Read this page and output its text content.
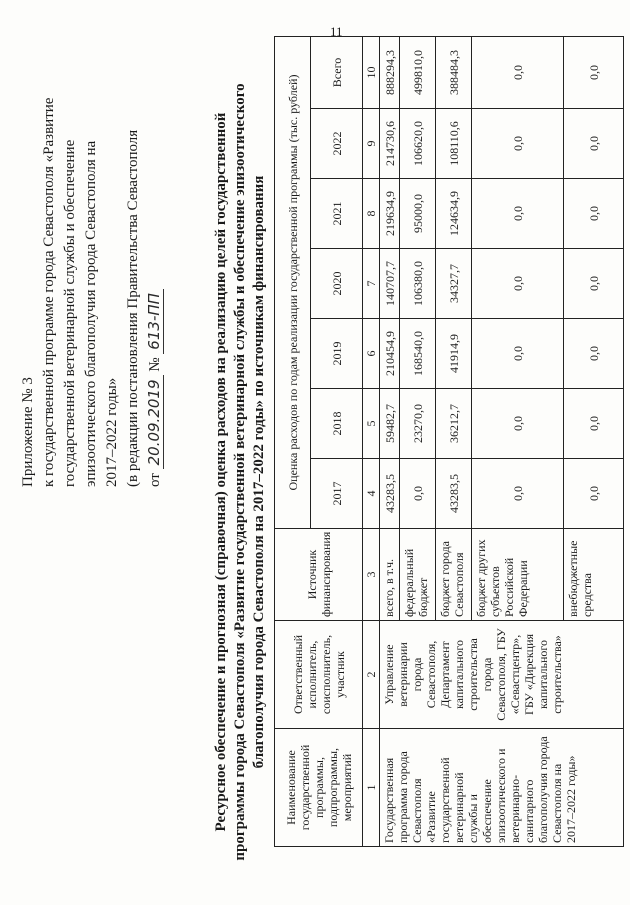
11
Приложение № 3 к государственной программе города Севастополя «Развитие государственной ветеринарной службы и обеспечение эпизоотического благополучия города Севастополя на 2017–2022 годы» (в редакции постановления Правительства Севастополя от 20.09.2019 № 613-ПП	Ресурсное обеспечение и прогнозная (справочная) оценка расходов на реализацию целей государственной программы города Севастополя «Развитие государственной ветеринарной службы и обеспечение эпизоотического благополучия города Севастополя на 2017–2022 годы» по источникам финансирования
Наименование государственной программы, подпрограммы, мероприятий	Ответственный исполнитель, соисполнитель, участник	Источник финансирования	Оценка расходов по годам реализации государственной программы (тыс. рублей)						
			2017	2018	2019	2020	2021	2022	Всего
1	2	3	4	5	6	7	8	9	10
Государственная программа города Севастополя «Развитие государственной ветеринарной службы и обеспечение эпизоотического и ветеринарно-санитарного благополучия города Севастополя на 2017–2022 годы»	Управление ветеринарии города Севастополя, Департамент капитального строительства города Севастополя, ГБУ «Севастцентр», ГБУ «Дирекция капитального строительства»	всего, в т.ч.	43283,5	59482,7	210454,9	140707,7	219634,9	214730,6	888294,3
		федеральный бюджет	0,0	23270,0	168540,0	106380,0	95000,0	106620,0	499810,0
		бюджет города Севастополя	43283,5	36212,7	41914,9	34327,7	124634,9	108110,6	388484,3
		бюджет других субъектов Российской Федерации	0,0	0,0	0,0	0,0	0,0	0,0	0,0
		внебюджетные средства	0,0	0,0	0,0	0,0	0,0	0,0	0,0
